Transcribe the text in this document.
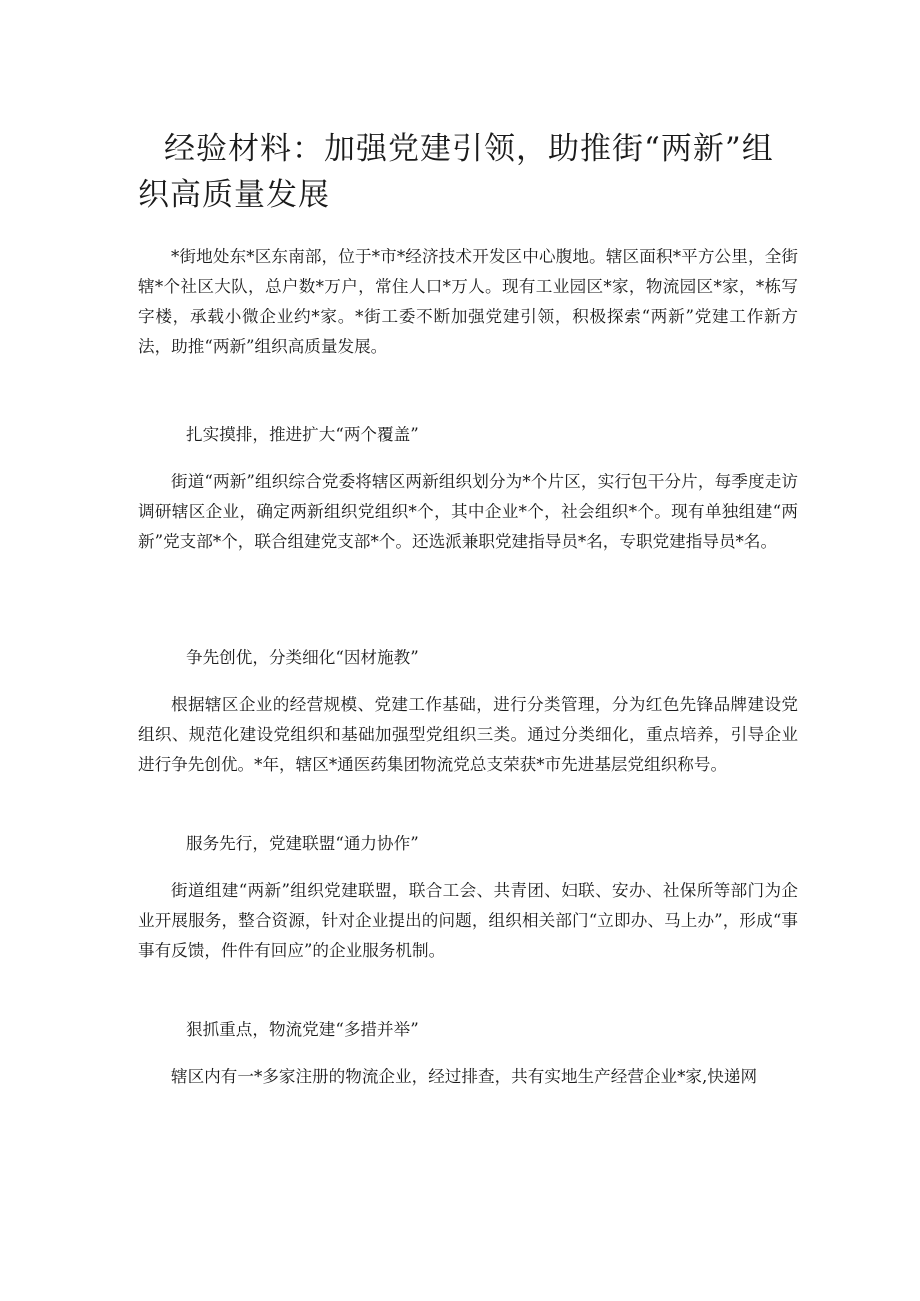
经验材料：加强党建引领，助推街“两新”组织高质量发展

*街地处东*区东南部，位于*市*经济技术开发区中心腹地。辖区面积*平方公里，全街辖*个社区大队，总户数*万户，常住人口*万人。现有工业园区*家，物流园区*家，*栋写字楼，承载小微企业约*家。*街工委不断加强党建引领，积极探索“两新”党建工作新方法，助推“两新”组织高质量发展。

扎实摸排，推进扩大“两个覆盖”

街道“两新”组织综合党委将辖区两新组织划分为*个片区，实行包干分片，每季度走访调研辖区企业，确定两新组织党组织*个，其中企业*个，社会组织*个。现有单独组建“两新”党支部*个，联合组建党支部*个。还选派兼职党建指导员*名，专职党建指导员*名。

争先创优，分类细化“因材施教”

根据辖区企业的经营规模、党建工作基础，进行分类管理，分为红色先锋品牌建设党组织、规范化建设党组织和基础加强型党组织三类。通过分类细化，重点培养，引导企业进行争先创优。*年，辖区*通医药集团物流党总支荣获*市先进基层党组织称号。

服务先行，党建联盟“通力协作”

街道组建“两新”组织党建联盟，联合工会、共青团、妇联、安办、社保所等部门为企业开展服务，整合资源，针对企业提出的问题，组织相关部门“立即办、马上办”，形成“事事有反馈，件件有回应”的企业服务机制。

狠抓重点，物流党建“多措并举”

辖区内有一*多家注册的物流企业，经过排查，共有实地生产经营企业*家,快递网
